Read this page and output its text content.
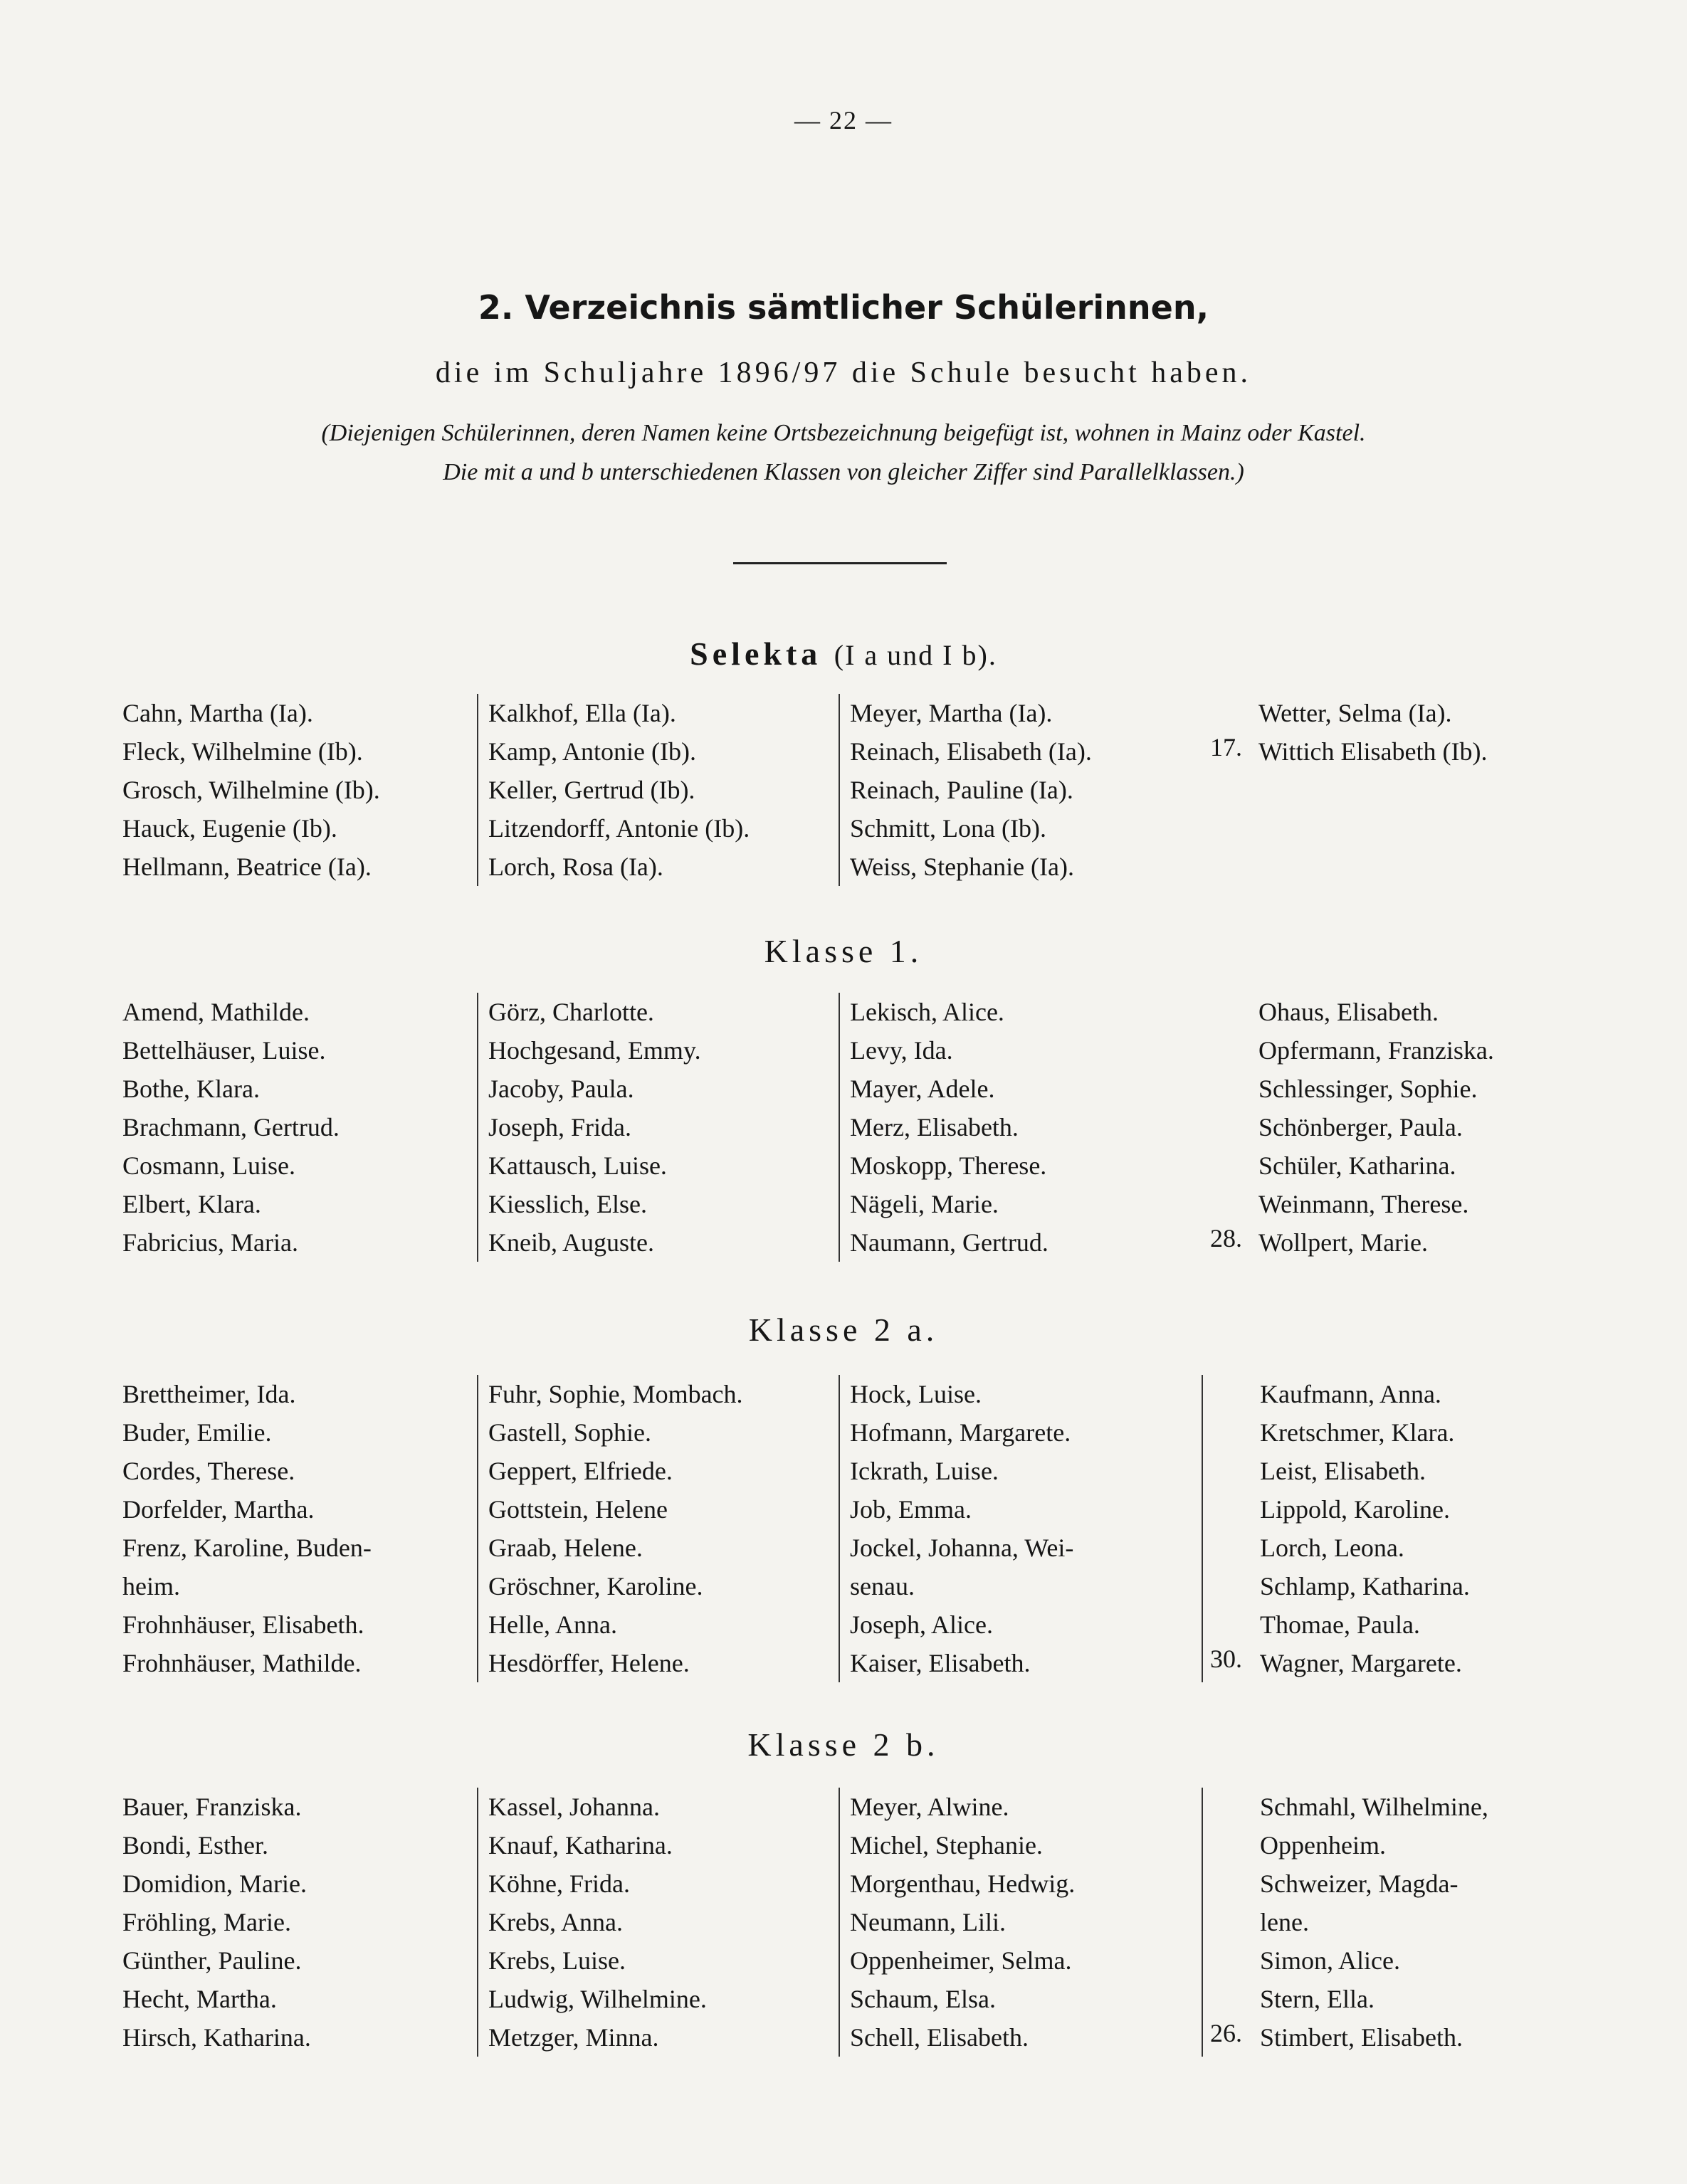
— 22 —
2. Verzeichnis sämtlicher Schülerinnen,
die im Schuljahre 1896/97 die Schule besucht haben.
(Diejenigen Schülerinnen, deren Namen keine Ortsbezeichnung beigefügt ist, wohnen in Mainz oder Kastel.
Die mit a und b unterschiedenen Klassen von gleicher Ziffer sind Parallelklassen.)
Selekta (I a und I b).
Cahn, Martha (Ia).
Fleck, Wilhelmine (Ib).
Grosch, Wilhelmine (Ib).
Hauck, Eugenie (Ib).
Hellmann, Beatrice (Ia).
Kalkhof, Ella (Ia).
Kamp, Antonie (Ib).
Keller, Gertrud (Ib).
Litzendorff, Antonie (Ib).
Lorch, Rosa (Ia).
Meyer, Martha (Ia).
Reinach, Elisabeth (Ia).
Reinach, Pauline (Ia).
Schmitt, Lona (Ib).
Weiss, Stephanie (Ia).
Wetter, Selma (Ia).
Wittich Elisabeth (Ib).
17.
Klasse 1.
Amend, Mathilde.
Bettelhäuser, Luise.
Bothe, Klara.
Brachmann, Gertrud.
Cosmann, Luise.
Elbert, Klara.
Fabricius, Maria.
Görz, Charlotte.
Hochgesand, Emmy.
Jacoby, Paula.
Joseph, Frida.
Kattausch, Luise.
Kiesslich, Else.
Kneib, Auguste.
Lekisch, Alice.
Levy, Ida.
Mayer, Adele.
Merz, Elisabeth.
Moskopp, Therese.
Nägeli, Marie.
Naumann, Gertrud.
Ohaus, Elisabeth.
Opfermann, Franziska.
Schlessinger, Sophie.
Schönberger, Paula.
Schüler, Katharina.
Weinmann, Therese.
Wollpert, Marie.
28.
Klasse 2 a.
Brettheimer, Ida.
Buder, Emilie.
Cordes, Therese.
Dorfelder, Martha.
Frenz, Karoline, Buden-
heim.
Frohnhäuser, Elisabeth.
Frohnhäuser, Mathilde.
Fuhr, Sophie, Mombach.
Gastell, Sophie.
Geppert, Elfriede.
Gottstein, Helene
Graab, Helene.
Gröschner, Karoline.
Helle, Anna.
Hesdörffer, Helene.
Hock, Luise.
Hofmann, Margarete.
Ickrath, Luise.
Job, Emma.
Jockel, Johanna, Wei-
senau.
Joseph, Alice.
Kaiser, Elisabeth.
Kaufmann, Anna.
Kretschmer, Klara.
Leist, Elisabeth.
Lippold, Karoline.
Lorch, Leona.
Schlamp, Katharina.
Thomae, Paula.
Wagner, Margarete.
30.
Klasse 2 b.
Bauer, Franziska.
Bondi, Esther.
Domidion, Marie.
Fröhling, Marie.
Günther, Pauline.
Hecht, Martha.
Hirsch, Katharina.
Kassel, Johanna.
Knauf, Katharina.
Köhne, Frida.
Krebs, Anna.
Krebs, Luise.
Ludwig, Wilhelmine.
Metzger, Minna.
Meyer, Alwine.
Michel, Stephanie.
Morgenthau, Hedwig.
Neumann, Lili.
Oppenheimer, Selma.
Schaum, Elsa.
Schell, Elisabeth.
Schmahl, Wilhelmine,
Oppenheim.
Schweizer, Magda-
lene.
Simon, Alice.
Stern, Ella.
Stimbert, Elisabeth.
26.
